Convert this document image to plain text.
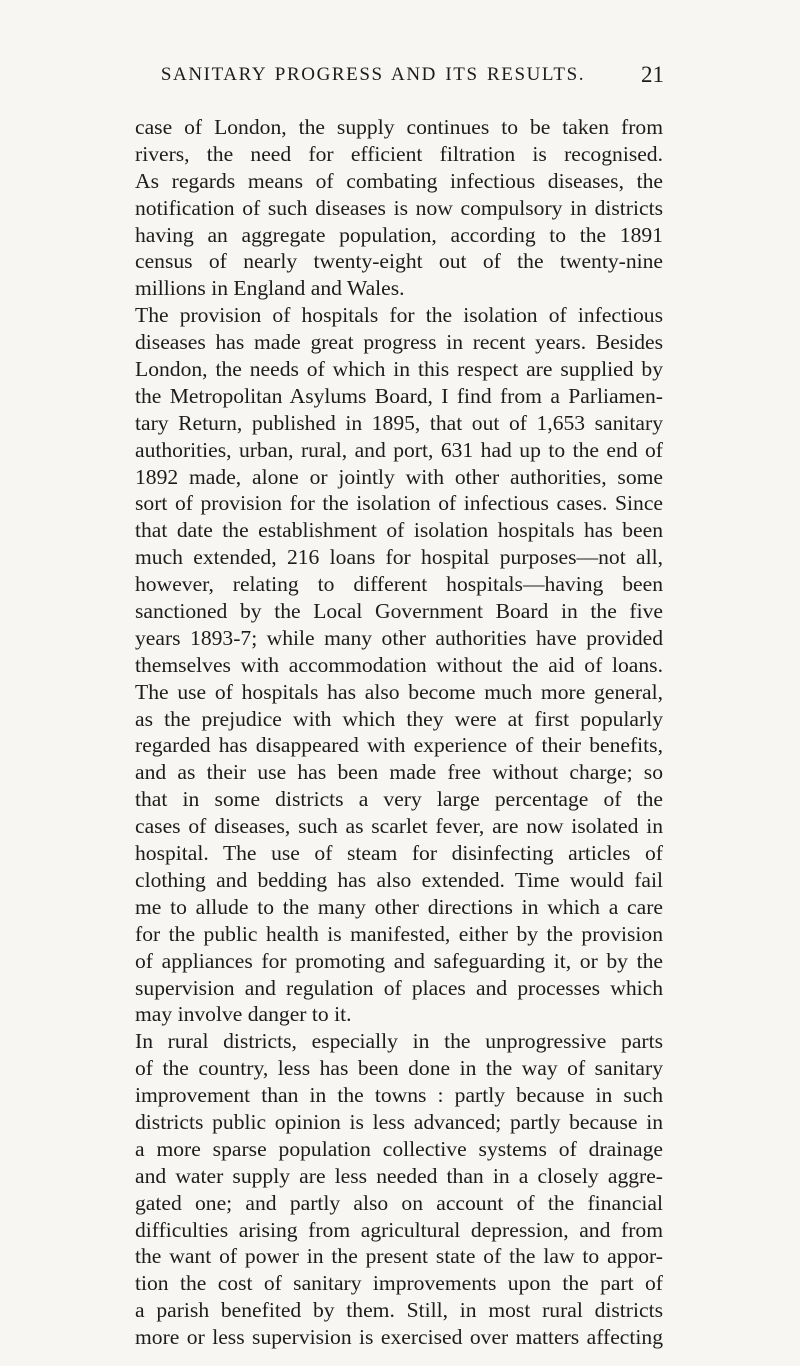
SANITARY PROGRESS AND ITS RESULTS.	21
case of London, the supply continues to be taken from
rivers, the need for efficient filtration is recognised.
As regards means of combating infectious diseases, the
notification of such diseases is now compulsory in districts
having an aggregate population, according to the 1891
census of nearly twenty-eight out of the twenty-nine
millions in England and Wales.
The provision of hospitals for the isolation of infectious
diseases has made great progress in recent years. Besides
London, the needs of which in this respect are supplied by
the Metropolitan Asylums Board, I find from a Parliamen-
tary Return, published in 1895, that out of 1,653 sanitary
authorities, urban, rural, and port, 631 had up to the end of
1892 made, alone or jointly with other authorities, some
sort of provision for the isolation of infectious cases. Since
that date the establishment of isolation hospitals has been
much extended, 216 loans for hospital purposes—not all,
however, relating to different hospitals—having been
sanctioned by the Local Government Board in the five
years 1893-7; while many other authorities have provided
themselves with accommodation without the aid of loans.
The use of hospitals has also become much more general,
as the prejudice with which they were at first popularly
regarded has disappeared with experience of their benefits,
and as their use has been made free without charge; so
that in some districts a very large percentage of the
cases of diseases, such as scarlet fever, are now isolated in
hospital. The use of steam for disinfecting articles of
clothing and bedding has also extended. Time would fail
me to allude to the many other directions in which a care
for the public health is manifested, either by the provision
of appliances for promoting and safeguarding it, or by the
supervision and regulation of places and processes which
may involve danger to it.
In rural districts, especially in the unprogressive parts
of the country, less has been done in the way of sanitary
improvement than in the towns : partly because in such
districts public opinion is less advanced; partly because in
a more sparse population collective systems of drainage
and water supply are less needed than in a closely aggre-
gated one; and partly also on account of the financial
difficulties arising from agricultural depression, and from
the want of power in the present state of the law to appor-
tion the cost of sanitary improvements upon the part of
a parish benefited by them. Still, in most rural districts
more or less supervision is exercised over matters affecting
